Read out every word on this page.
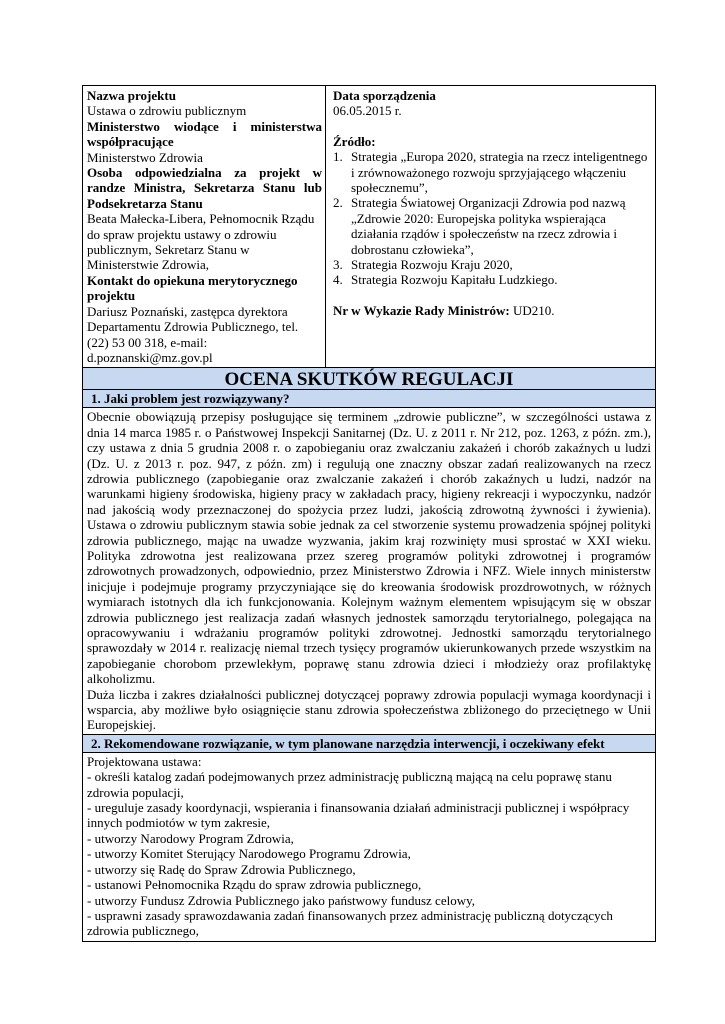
Nazwa projektu
Ustawa o zdrowiu publicznym
Ministerstwo wiodące i ministerstwa współpracujące
Ministerstwo Zdrowia
Osoba odpowiedzialna za projekt w randze Ministra, Sekretarza Stanu lub Podsekretarza Stanu
Beata Małecka-Libera, Pełnomocnik Rządu do spraw projektu ustawy o zdrowiu publicznym, Sekretarz Stanu w Ministerstwie Zdrowia,
Kontakt do opiekuna merytorycznego projektu
Dariusz Poznański, zastępca dyrektora Departamentu Zdrowia Publicznego, tel. (22) 53 00 318, e-mail: d.poznanski@mz.gov.pl
Data sporządzenia
06.05.2015 r.
Źródło:
1. Strategia „Europa 2020, strategia na rzecz inteligentnego i zrównoważonego rozwoju sprzyjającego włączeniu społecznemu”,
2. Strategia Światowej Organizacji Zdrowia pod nazwą „Zdrowie 2020: Europejska polityka wspierająca działania rządów i społeczeństw na rzecz zdrowia i dobrostanu człowieka”,
3. Strategia Rozwoju Kraju 2020,
4. Strategia Rozwoju Kapitału Ludzkiego.
Nr w Wykazie Rady Ministrów: UD210.
OCENA SKUTKÓW REGULACJI
1. Jaki problem jest rozwiązywany?

Obecnie obowiązują przepisy posługujące się terminem „zdrowie publiczne”, w szczególności ustawa z dnia 14 marca 1985 r. o Państwowej Inspekcji Sanitarnej (Dz. U. z 2011 r. Nr 212, poz. 1263, z późn. zm.), czy ustawa z dnia 5 grudnia 2008 r. o zapobieganiu oraz zwalczaniu zakażeń i chorób zakaźnych u ludzi (Dz. U. z 2013 r. poz. 947, z późn. zm) i regulują one znaczny obszar zadań realizowanych na rzecz zdrowia publicznego (zapobieganie oraz zwalczanie zakażeń i chorób zakaźnych u ludzi, nadzór na warunkami higieny środowiska, higieny pracy w zakładach pracy, higieny rekreacji i wypoczynku, nadzór nad jakością wody przeznaczonej do spożycia przez ludzi, jakością zdrowotną żywności i żywienia). Ustawa o zdrowiu publicznym stawia sobie jednak za cel stworzenie systemu prowadzenia spójnej polityki zdrowia publicznego, mając na uwadze wyzwania, jakim kraj rozwinięty musi sprostać w XXI wieku. Polityka zdrowotna jest realizowana przez szereg programów polityki zdrowotnej i programów zdrowotnych prowadzonych, odpowiednio, przez Ministerstwo Zdrowia i NFZ. Wiele innych ministerstw inicjuje i podejmuje programy przyczyniające się do kreowania środowisk prozdrowotnych, w różnych wymiarach istotnych dla ich funkcjonowania. Kolejnym ważnym elementem wpisującym się w obszar zdrowia publicznego jest realizacja zadań własnych jednostek samorządu terytorialnego, polegająca na opracowywaniu i wdrażaniu programów polityki zdrowotnej. Jednostki samorządu terytorialnego sprawozdały w 2014 r. realizację niemal trzech tysięcy programów ukierunkowanych przede wszystkim na zapobieganie chorobom przewlekłym, poprawę stanu zdrowia dzieci i młodzieży oraz profilaktykę alkoholizmu.

Duża liczba i zakres działalności publicznej dotyczącej poprawy zdrowia populacji wymaga koordynacji i wsparcia, aby możliwe było osiągnięcie stanu zdrowia społeczeństwa zbliżonego do przeciętnego w Unii Europejskiej.

2. Rekomendowane rozwiązanie, w tym planowane narzędzia interwencji, i oczekiwany efekt
Projektowana ustawa:
- określi katalog zadań podejmowanych przez administrację publiczną mającą na celu poprawę stanu zdrowia populacji,
- ureguluje zasady koordynacji, wspierania i finansowania działań administracji publicznej i współpracy innych podmiotów w tym zakresie,
- utworzy Narodowy Program Zdrowia,
- utworzy Komitet Sterujący Narodowego Programu Zdrowia,
- utworzy się Radę do Spraw Zdrowia Publicznego,
- ustanowi Pełnomocnika Rządu do spraw zdrowia publicznego,
- utworzy Fundusz Zdrowia Publicznego jako państwowy fundusz celowy,
- usprawni zasady sprawozdawania zadań finansowanych przez administrację publiczną dotyczących zdrowia publicznego,
